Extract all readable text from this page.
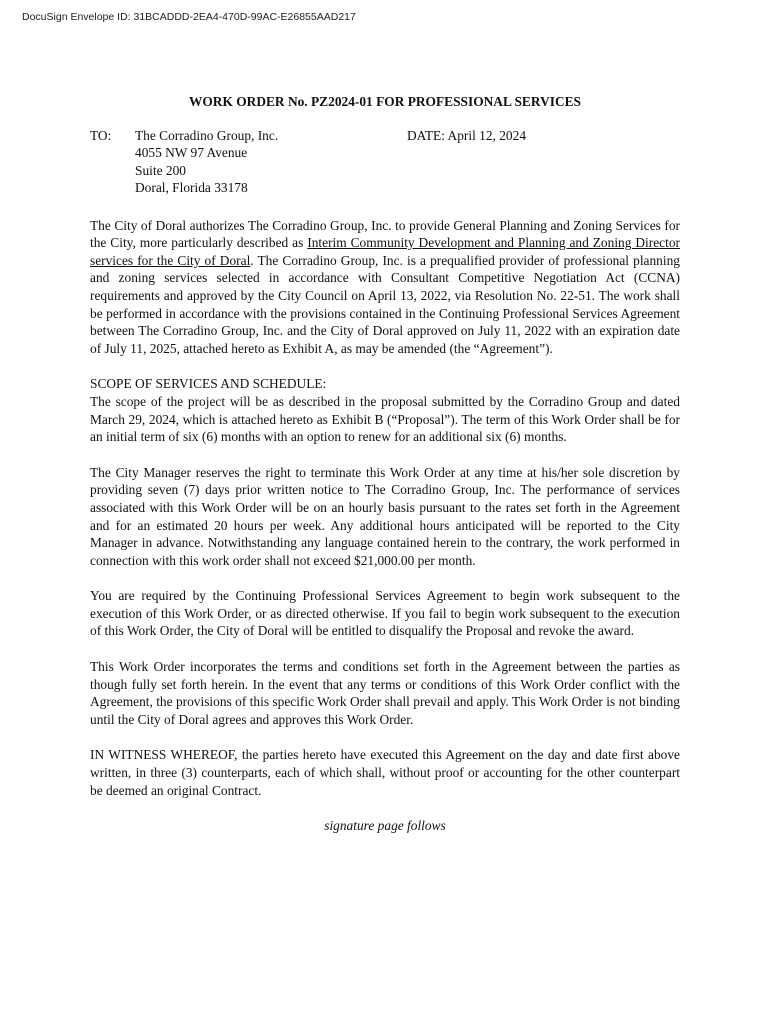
DocuSign Envelope ID: 31BCADDD-2EA4-470D-99AC-E26855AAD217
WORK ORDER No. PZ2024-01 FOR PROFESSIONAL SERVICES
TO: The Corradino Group, Inc.
4055 NW 97 Avenue
Suite 200
Doral, Florida 33178
DATE: April 12, 2024

The City of Doral authorizes The Corradino Group, Inc. to provide General Planning and Zoning Services for the City, more particularly described as Interim Community Development and Planning and Zoning Director services for the City of Doral. The Corradino Group, Inc. is a prequalified provider of professional planning and zoning services selected in accordance with Consultant Competitive Negotiation Act (CCNA) requirements and approved by the City Council on April 13, 2022, via Resolution No. 22-51. The work shall be performed in accordance with the provisions contained in the Continuing Professional Services Agreement between The Corradino Group, Inc. and the City of Doral approved on July 11, 2022 with an expiration date of July 11, 2025, attached hereto as Exhibit A, as may be amended (the “Agreement”).

SCOPE OF SERVICES AND SCHEDULE:
The scope of the project will be as described in the proposal submitted by the Corradino Group and dated March 29, 2024, which is attached hereto as Exhibit B (“Proposal”). The term of this Work Order shall be for an initial term of six (6) months with an option to renew for an additional six (6) months.

The City Manager reserves the right to terminate this Work Order at any time at his/her sole discretion by providing seven (7) days prior written notice to The Corradino Group, Inc. The performance of services associated with this Work Order will be on an hourly basis pursuant to the rates set forth in the Agreement and for an estimated 20 hours per week. Any additional hours anticipated will be reported to the City Manager in advance. Notwithstanding any language contained herein to the contrary, the work performed in connection with this work order shall not exceed $21,000.00 per month.

You are required by the Continuing Professional Services Agreement to begin work subsequent to the execution of this Work Order, or as directed otherwise. If you fail to begin work subsequent to the execution of this Work Order, the City of Doral will be entitled to disqualify the Proposal and revoke the award.

This Work Order incorporates the terms and conditions set forth in the Agreement between the parties as though fully set forth herein. In the event that any terms or conditions of this Work Order conflict with the Agreement, the provisions of this specific Work Order shall prevail and apply. This Work Order is not binding until the City of Doral agrees and approves this Work Order.

IN WITNESS WHEREOF, the parties hereto have executed this Agreement on the day and date first above written, in three (3) counterparts, each of which shall, without proof or accounting for the other counterpart be deemed an original Contract.

signature page follows
